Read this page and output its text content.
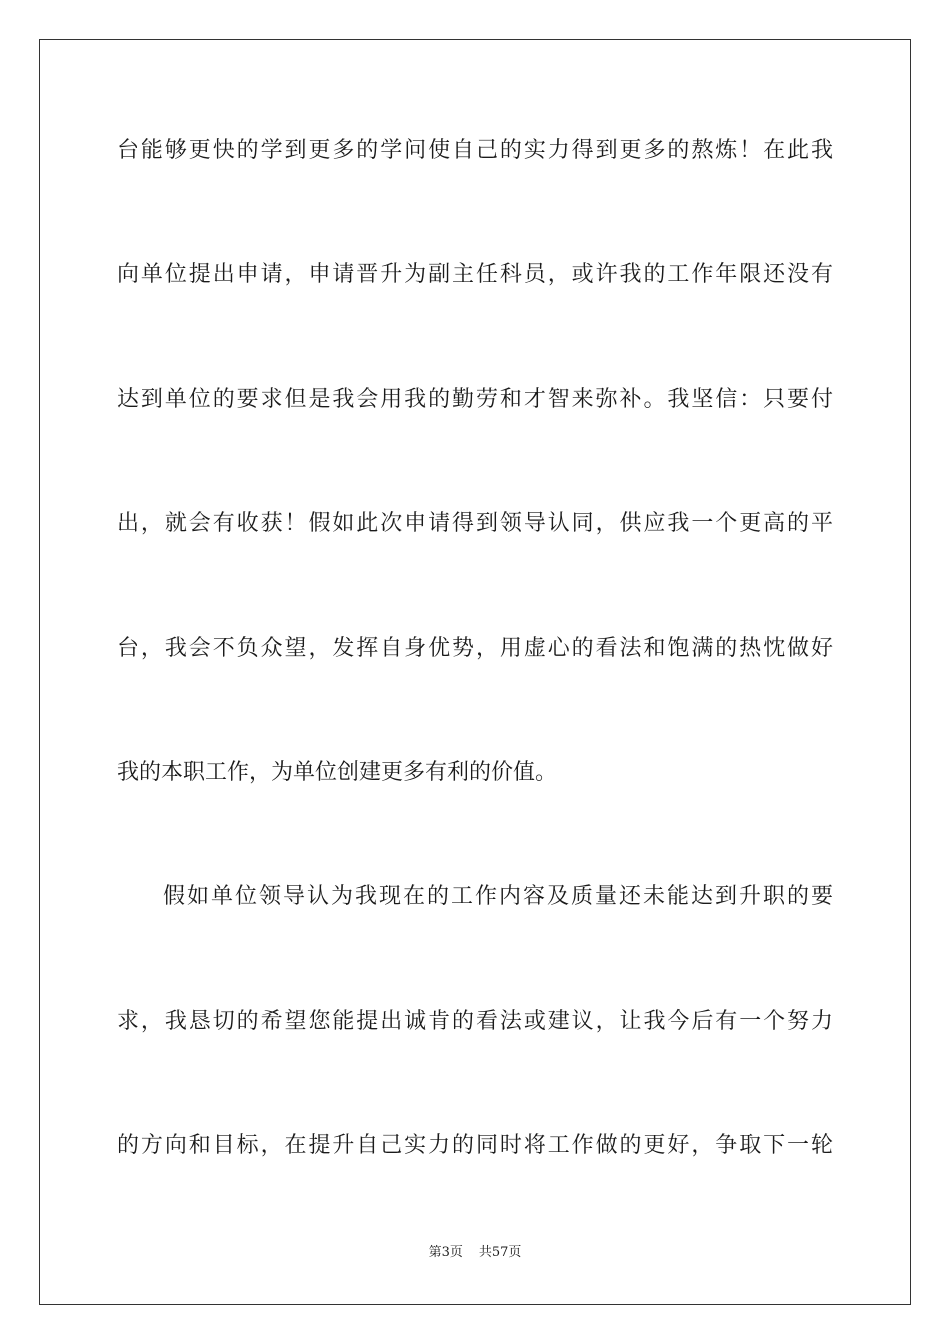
台能够更快的学到更多的学问使自己的实力得到更多的熬炼！在此我
向单位提出申请，申请晋升为副主任科员，或许我的工作年限还没有
达到单位的要求但是我会用我的勤劳和才智来弥补。我坚信：只要付
出，就会有收获！假如此次申请得到领导认同，供应我一个更高的平
台，我会不负众望，发挥自身优势，用虚心的看法和饱满的热忱做好
我的本职工作，为单位创建更多有利的价值。
假如单位领导认为我现在的工作内容及质量还未能达到升职的要
求，我恳切的希望您能提出诚肯的看法或建议，让我今后有一个努力
的方向和目标，在提升自己实力的同时将工作做的更好，争取下一轮
第3页 共57页
